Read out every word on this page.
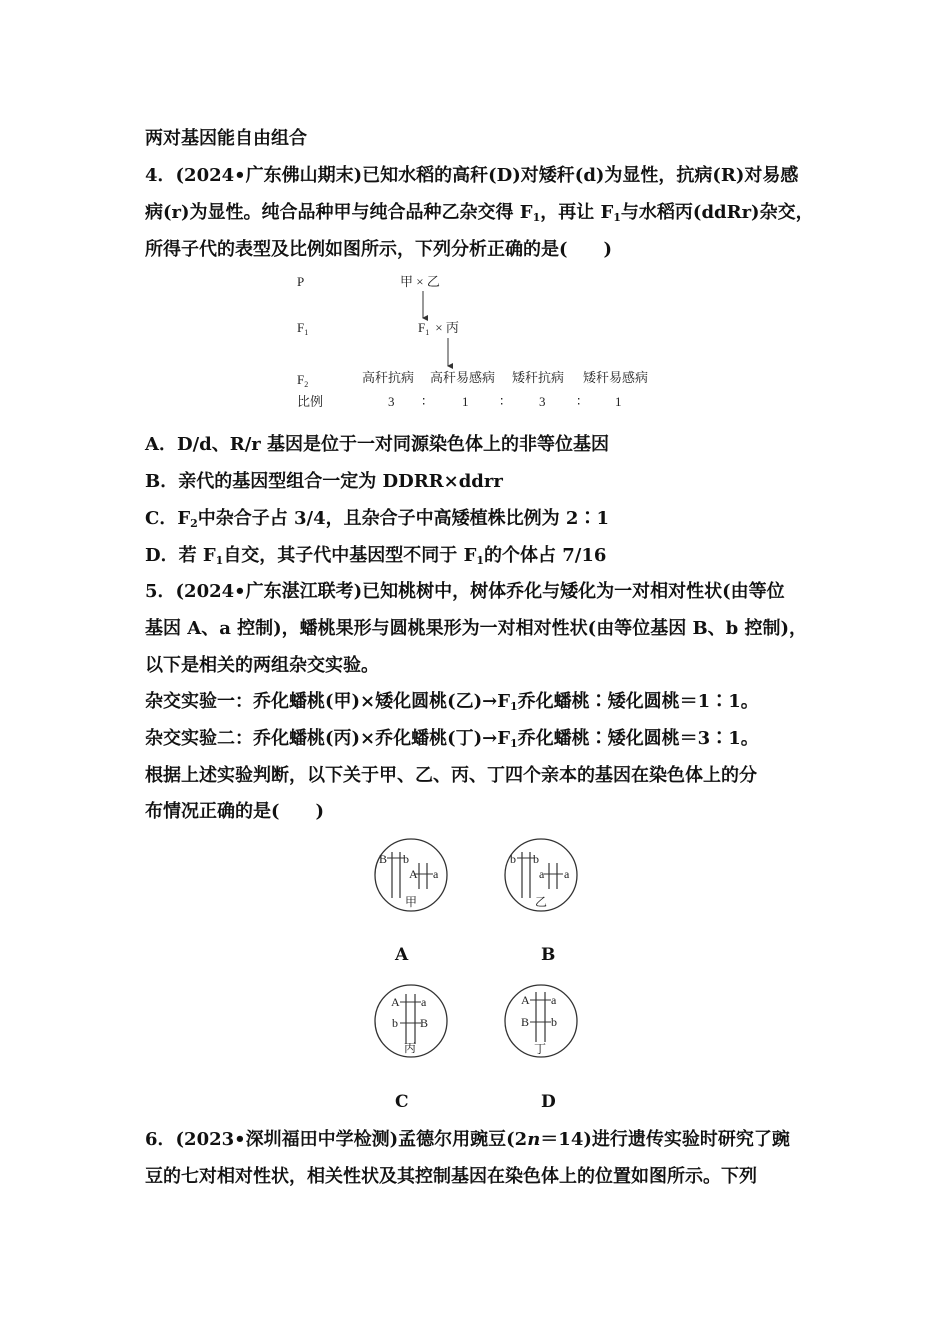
两对基因能自由组合
4．(2024•广东佛山期末)已知水稻的高秆(D)对矮秆(d)为显性，抗病(R)对易感
病(r)为显性。纯合品种甲与纯合品种乙杂交得 $F_1$，再让 $F_1$与水稻丙(ddRr)杂交，
所得子代的表型及比例如图所示，下列分析正确的是(　　)
P	甲 × 乙
$F_1$	$F_1$ × 丙
$F_2$	高秆抗病 高秆易感病 矮秆抗病 矮秆易感病
比例	3 ∶	1 ∶	3 ∶	1
A．D/d、R/r 基因是位于一对同源染色体上的非等位基因
B．亲代的基因型组合一定为 DDRR×ddrr
C．$F_2$中杂合子占 3/4，且杂合子中高矮植株比例为 2∶1
D．若 $F_1$自交，其子代中基因型不同于 $F_1$的个体占 7/16
5．(2024•广东湛江联考)已知桃树中，树体乔化与矮化为一对相对性状(由等位
基因 A、a 控制)，蟠桃果形与圆桃果形为一对相对性状(由等位基因 B、b 控制)，
以下是相关的两组杂交实验。
杂交实验一：乔化蟠桃(甲)×矮化圆桃(乙)$\to F_1$乔化蟠桃∶矮化圆桃＝1∶1。
杂交实验二：乔化蟠桃(丙)×乔化蟠桃(丁)$\to F_1$乔化蟠桃∶矮化圆桃＝3∶1。
根据上述实验判断，以下关于甲、乙、丙、丁四个亲本的基因在染色体上的分
布情况正确的是(　　)
B b
A a
甲
A
b b
a a
乙
B
A a
b B
丙
C
A a
B b
丁
D
6．(2023•深圳福田中学检测)孟德尔用豌豆(2n＝14)进行遗传实验时研究了豌
豆的七对相对性状，相关性状及其控制基因在染色体上的位置如图所示。下列
